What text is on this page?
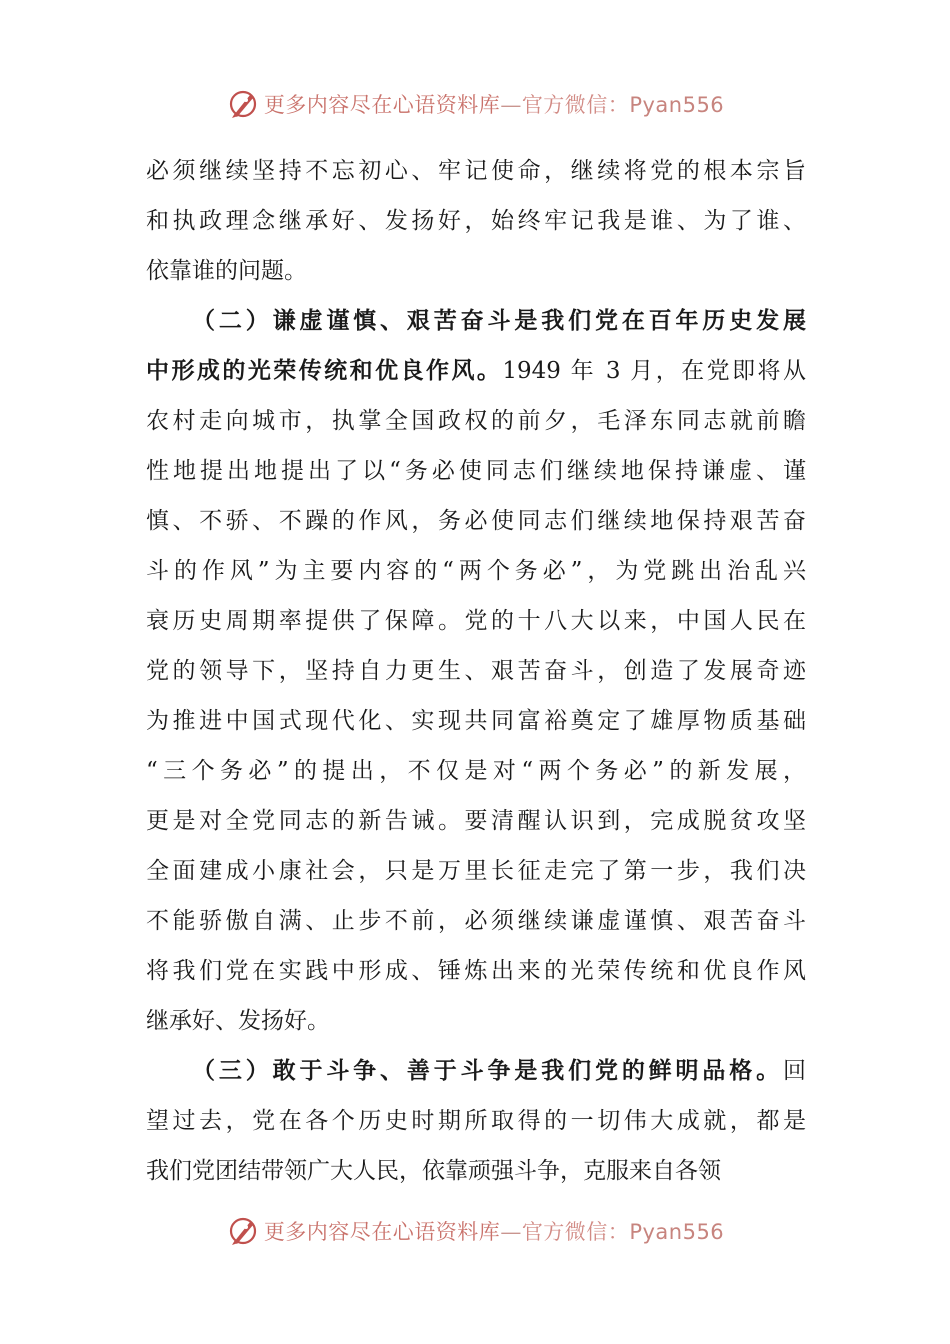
更多内容尽在心语资料库—官方微信：Pyan556
必须继续坚持不忘初心、牢记使命，继续将党的根本宗旨
和执政理念继承好、发扬好，始终牢记我是谁、为了谁、
依靠谁的问题。
（二）谦虚谨慎、艰苦奋斗是我们党在百年历史发展
中形成的光荣传统和优良作风。1949 年 3 月，在党即将从
农村走向城市，执掌全国政权的前夕，毛泽东同志就前瞻
性地提出地提出了以“务必使同志们继续地保持谦虚、谨
慎、不骄、不躁的作风，务必使同志们继续地保持艰苦奋
斗的作风”为主要内容的“两个务必”，为党跳出治乱兴
衰历史周期率提供了保障。党的十八大以来，中国人民在
党的领导下，坚持自力更生、艰苦奋斗，创造了发展奇迹
为推进中国式现代化、实现共同富裕奠定了雄厚物质基础
“三个务必”的提出，不仅是对“两个务必”的新发展，
更是对全党同志的新告诫。要清醒认识到，完成脱贫攻坚
全面建成小康社会，只是万里长征走完了第一步，我们决
不能骄傲自满、止步不前，必须继续谦虚谨慎、艰苦奋斗
将我们党在实践中形成、锤炼出来的光荣传统和优良作风
继承好、发扬好。
（三）敢于斗争、善于斗争是我们党的鲜明品格。回
望过去，党在各个历史时期所取得的一切伟大成就，都是
我们党团结带领广大人民，依靠顽强斗争，克服来自各领
更多内容尽在心语资料库—官方微信：Pyan556
